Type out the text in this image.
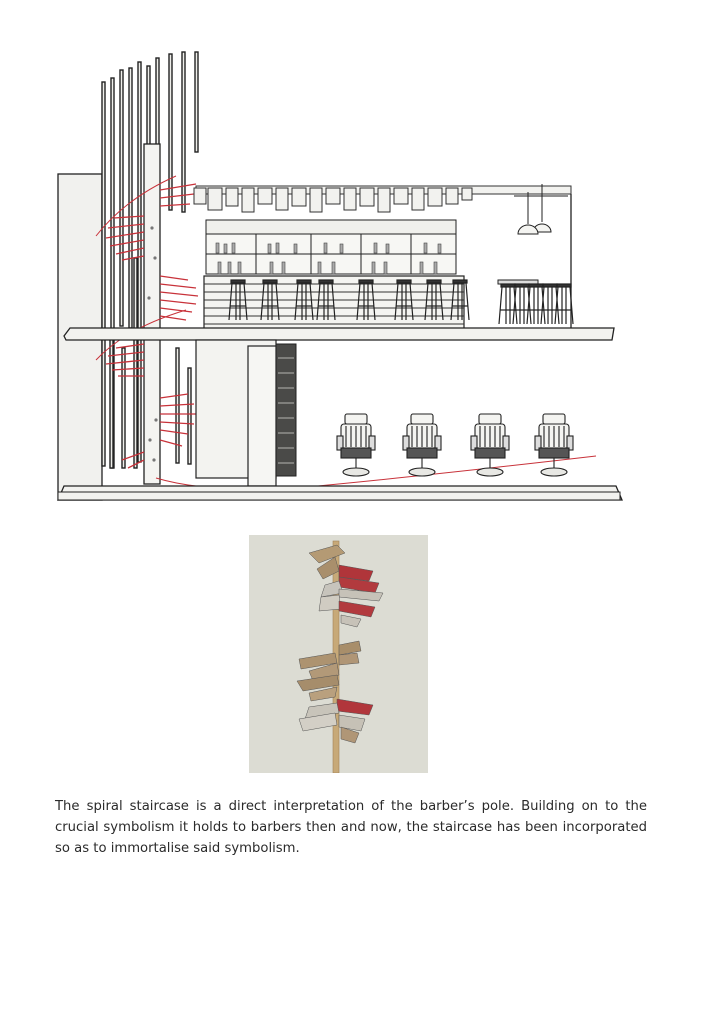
The spiral staircase is a direct interpretation of the barber’s pole. Building on to the crucial symbolism it holds to barbers then and now, the staircase has been incorporated so as to immortalise said symbolism.
